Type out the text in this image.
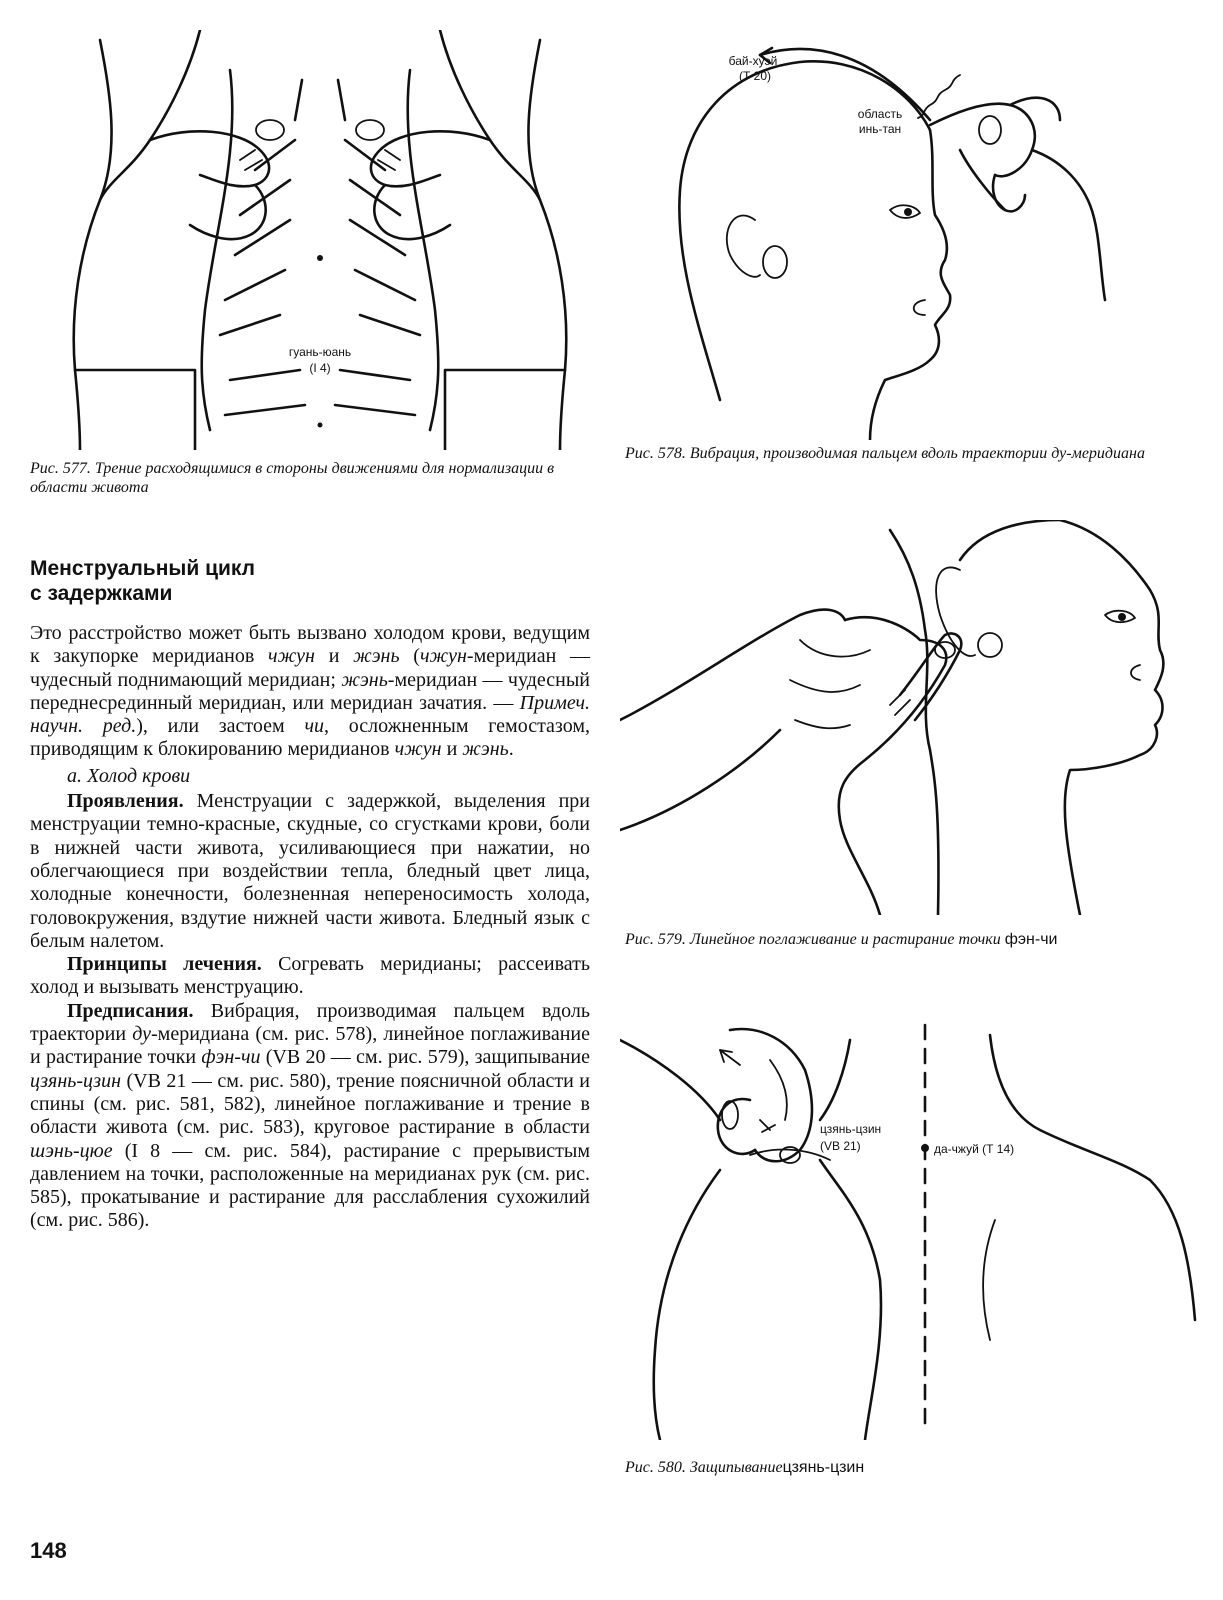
гуань-юань
(I 4)
Рис. 577. Трение расходящимися в стороны движениями для нормализации в области живота
бай-хуэй
(Т 20)
область
инь-тан
Рис. 578. Вибрация, производимая пальцем вдоль траектории ду-меридиана
Рис. 579. Линейное поглаживание и растирание точки фэн-чи
цзянь-цзин
(VB 21)	да-чжуй (Т 14)
Рис. 580. Защипываниецзянь-цзин
Менструальный цикл
с задержками

Это расстройство может быть вызвано холодом крови, ведущим к закупорке меридианов чжун и жэнь (чжун-меридиан — чудесный поднимающий меридиан; жэнь-меридиан — чудесный переднесрединный меридиан, или меридиан зачатия. — Примеч. научн. ред.), или застоем чи, осложненным гемостазом, приводящим к блокированию меридианов чжун и жэнь.

а. Холод крови

Проявления. Менструации с задержкой, выделения при менструации темно-красные, скудные, со сгустками крови, боли в нижней части живота, усиливающиеся при нажатии, но облегчающиеся при воздействии тепла, бледный цвет лица, холодные конечности, болезненная непереносимость холода, головокружения, вздутие нижней части живота. Бледный язык с белым налетом.

Принципы лечения. Согревать меридианы; рассеивать холод и вызывать менструацию.

Предписания. Вибрация, производимая пальцем вдоль траектории ду-меридиана (см. рис. 578), линейное поглаживание и растирание точки фэн-чи (VB 20 — см. рис. 579), защипывание цзянь-цзин (VB 21 — см. рис. 580), трение поясничной области и спины (см. рис. 581, 582), линейное поглаживание и трение в области живота (см. рис. 583), круговое растирание в области шэнь-цюе (I 8 — см. рис. 584), растирание с прерывистым давлением на точки, расположенные на меридианах рук (см. рис. 585), прокатывание и растирание для расслабления сухожилий (см. рис. 586).

148
